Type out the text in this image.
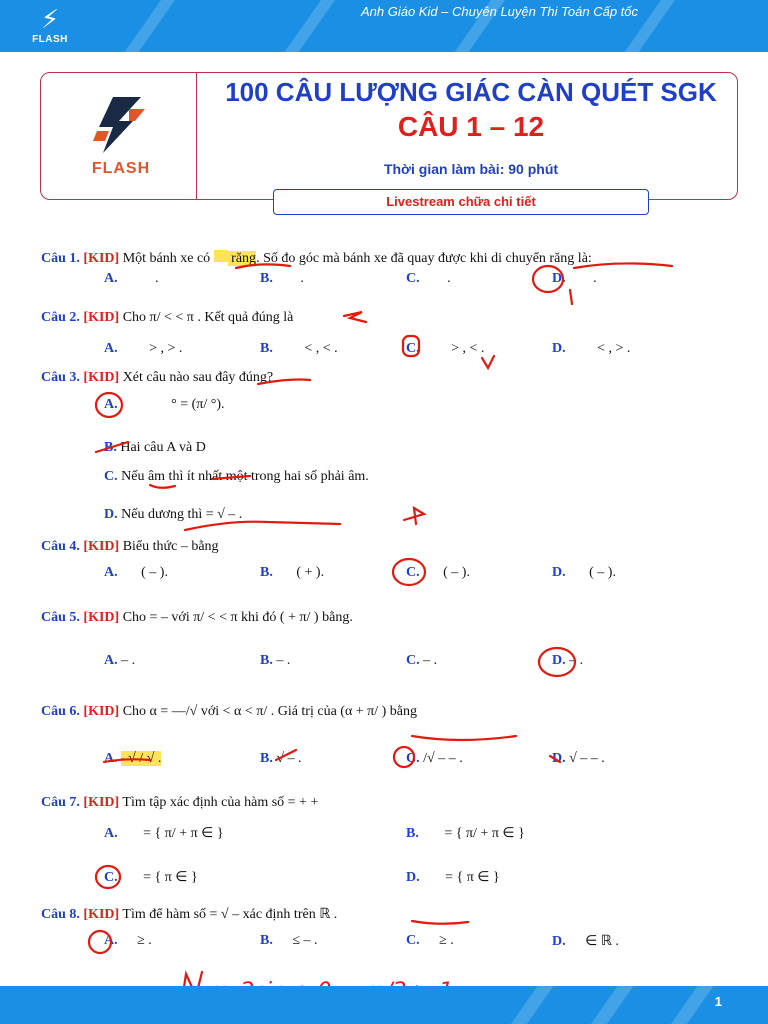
⚡
FLASH
Anh Giáo Kid – Chuyên Luyện Thi Toán Cấp tốc
FLASH
100 CÂU LƯỢNG GIÁC CÀN QUÉT SGK
CÂU 1 – 12
Thời gian làm bài: 90 phút
Livestream chữa chi tiết
Câu 1. [KID] Một bánh xe có  răng. Số đo góc mà bánh xe đã quay được khi di chuyển răng là:
A.	.	B. .	C. .	D. .
Câu 2. [KID] Cho π/ < < π . Kết quả đúng là
A. > , > .	B. < , < .	C. > , < .	D. < , > .
Câu 3. [KID] Xét câu nào sau đây đúng?
A.	° = (π/ °).
B. Hai câu A và D
C. Nếu âm thì ít nhất một trong hai số phải âm.
D. Nếu dương thì = √ – .
Câu 4. [KID] Biểu thức – bằng
A. ( – ).	B. ( + ).	C. ( – ).	D. ( – ).
Câu 5. [KID] Cho = – với π/ < < π khi đó ( + π/ ) bằng.
A. – .	B. – .	C. – .	D. – .
Câu 6. [KID] Cho α = —/√ với < α < π/ . Giá trị của (α + π/ ) bằng
A. –√ / √ .	B. √ – .	C. /√ – – .	D. √ – – .
Câu 7. [KID] Tìm tập xác định của hàm số = + +
A. = { π/ + π ∈ }	B. = { π/ + π ∈ }
C. = { π ∈ }	D. = { π ∈ }
Câu 8. [KID] Tìm để hàm số = √ – xác định trên ℝ .
A. ≥ .	B. ≤ – .	C. ≥ .	D. ∈ ℝ .
1
